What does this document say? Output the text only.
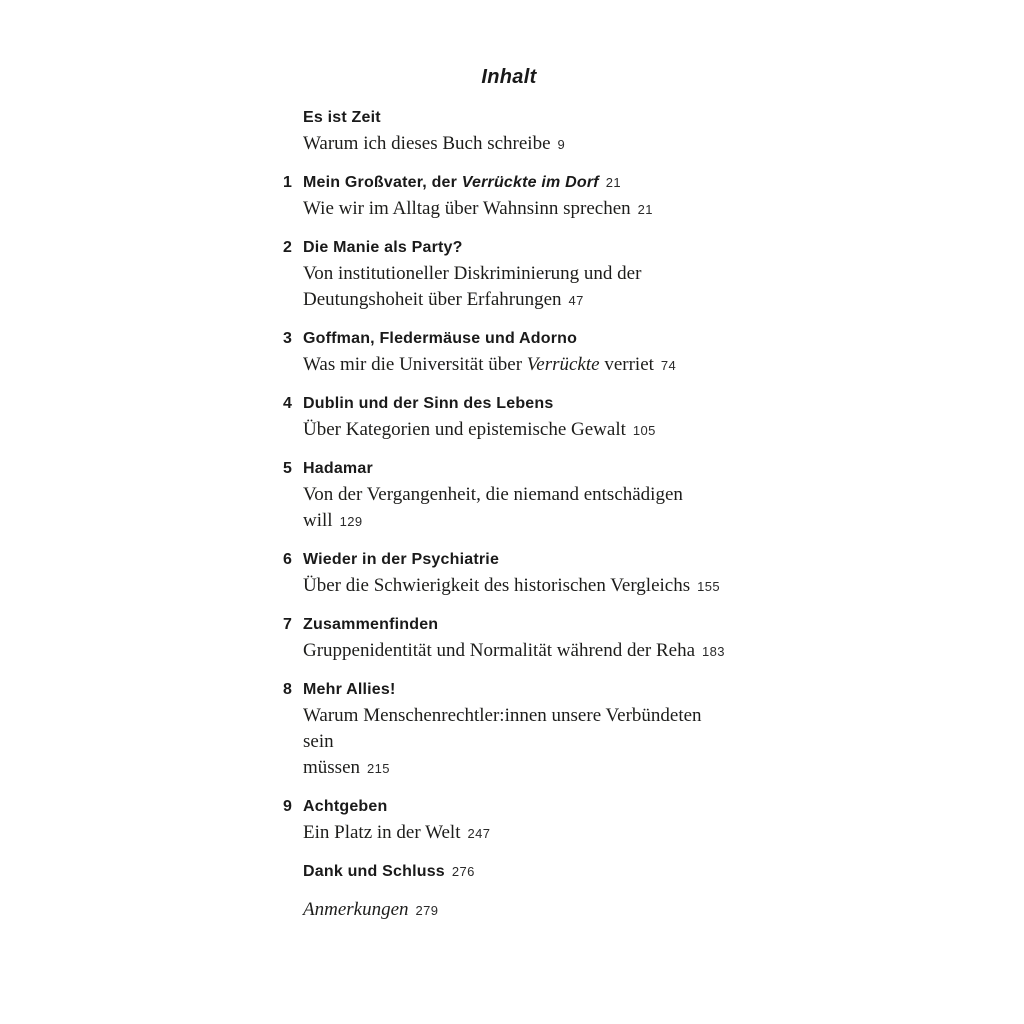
Inhalt
Es ist Zeit
Warum ich dieses Buch schreibe 9
1 Mein Großvater, der Verrückte im Dorf 21
Wie wir im Alltag über Wahnsinn sprechen 21
2 Die Manie als Party?
Von institutioneller Diskriminierung und der
Deutungshoheit über Erfahrungen 47
3 Goffman, Fledermäuse und Adorno
Was mir die Universität über Verrückte verriet 74
4 Dublin und der Sinn des Lebens
Über Kategorien und epistemische Gewalt 105
5 Hadamar
Von der Vergangenheit, die niemand entschädigen will 129
6 Wieder in der Psychiatrie
Über die Schwierigkeit des historischen Vergleichs 155
7 Zusammenfinden
Gruppenidentität und Normalität während der Reha 183
8 Mehr Allies!
Warum Menschenrechtler:innen unsere Verbündeten sein
müssen 215
9 Achtgeben
Ein Platz in der Welt 247
Dank und Schluss 276
Anmerkungen 279
